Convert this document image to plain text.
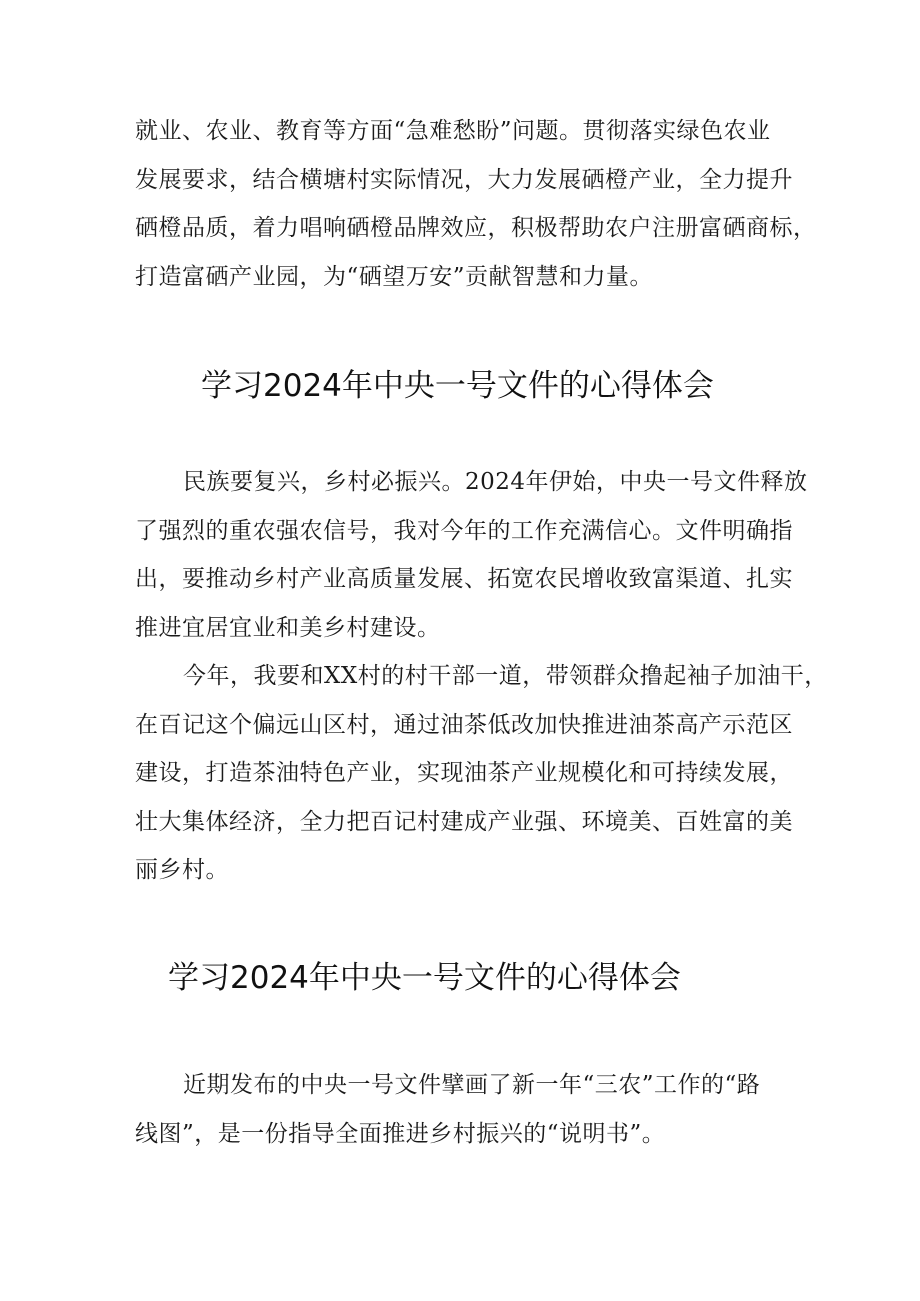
就业、农业、教育等方面“急难愁盼”问题。贯彻落实绿色农业
发展要求，结合横塘村实际情况，大力发展硒橙产业，全力提升
硒橙品质，着力唱响硒橙品牌效应，积极帮助农户注册富硒商标，
打造富硒产业园，为“硒望万安”贡献智慧和力量。

学习2024年中央一号文件的心得体会

民族要复兴，乡村必振兴。2024年伊始，中央一号文件释放
了强烈的重农强农信号，我对今年的工作充满信心。文件明确指
出，要推动乡村产业高质量发展、拓宽农民增收致富渠道、扎实
推进宜居宜业和美乡村建设。

今年，我要和XX村的村干部一道，带领群众撸起袖子加油干，
在百记这个偏远山区村，通过油茶低改加快推进油茶高产示范区
建设，打造茶油特色产业，实现油茶产业规模化和可持续发展，
壮大集体经济，全力把百记村建成产业强、环境美、百姓富的美
丽乡村。

学习2024年中央一号文件的心得体会

近期发布的中央一号文件擘画了新一年“三农”工作的“路
线图”，是一份指导全面推进乡村振兴的“说明书”。
